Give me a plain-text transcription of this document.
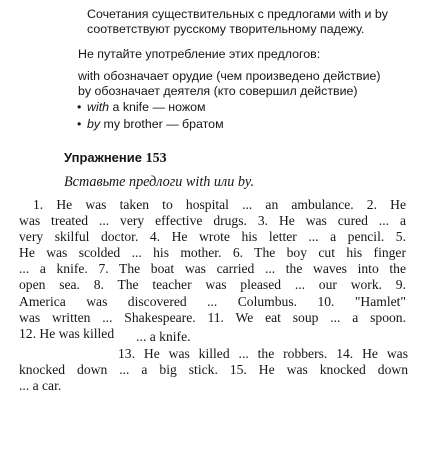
Сочетания существительных с предлогами with и by
соответствуют русскому творительному падежу.
Не путайте употребление этих предлогов:
with обозначает орудие (чем произведено действие)
by обозначает деятеля (кто совершил действие)
• with a knife — ножом
• by my brother — братом
Упражнение 153
Вставьте предлоги with или by.
1. He was taken to hospital ... an ambulance. 2. He
was treated ... very effective drugs. 3. He was cured ... a
very skilful doctor. 4. He wrote his letter ... a pencil. 5.
He was scolded ... his mother. 6. The boy cut his finger
... a knife. 7. The boat was carried ... the waves into the
open sea. 8. The teacher was pleased ... our work. 9.
America was discovered ... Columbus. 10. "Hamlet"
was written ... Shakespeare. 11. We eat soup ... a spoon.
12. He was killed ... a knife.
13. He was killed ... the robbers. 14. He was
knocked down ... a big stick. 15. He was knocked down
... a car.
